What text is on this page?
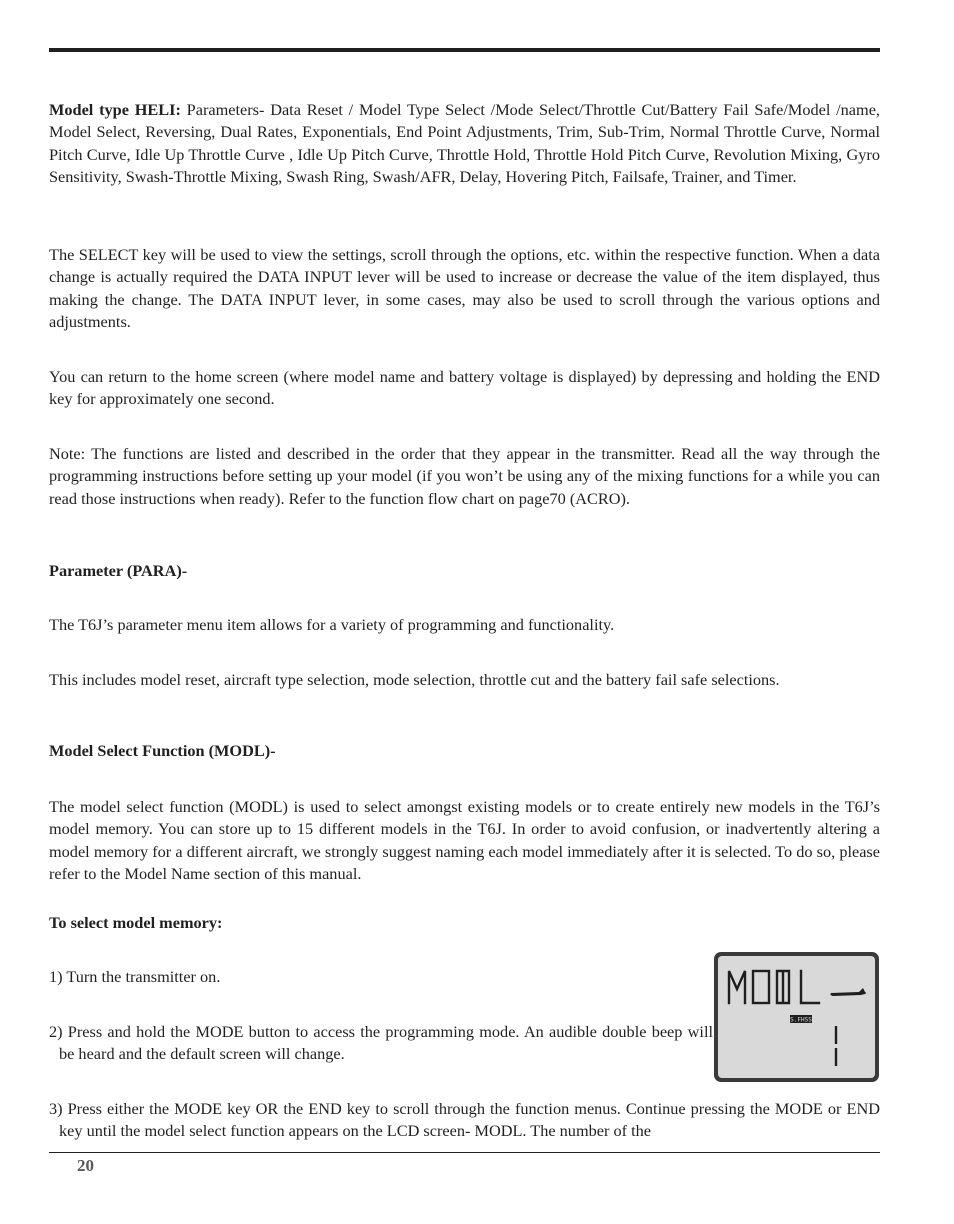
Model type HELI: Parameters- Data Reset / Model Type Select /Mode Select/Throttle Cut/Battery Fail Safe/Model /name, Model Select, Reversing, Dual Rates, Exponentials, End Point Adjustments, Trim, Sub-Trim, Normal Throttle Curve, Normal Pitch Curve, Idle Up Throttle Curve , Idle Up Pitch Curve, Throttle Hold, Throttle Hold Pitch Curve, Revolution Mixing, Gyro Sensitivity, Swash-Throttle Mixing, Swash Ring, Swash/AFR, Delay, Hovering Pitch, Failsafe, Trainer, and Timer.

The SELECT key will be used to view the settings, scroll through the options, etc. within the respective function. When a data change is actually required the DATA INPUT lever will be used to increase or decrease the value of the item displayed, thus making the change. The DATA INPUT lever, in some cases, may also be used to scroll through the various options and adjustments.

You can return to the home screen (where model name and battery voltage is displayed) by depressing and holding the END key for approximately one second.

Note: The functions are listed and described in the order that they appear in the transmitter. Read all the way through the programming instructions before setting up your model (if you won’t be using any of the mixing functions for a while you can read those instructions when ready). Refer to the function flow chart on page70 (ACRO).

Parameter (PARA)-

The T6J’s parameter menu item allows for a variety of programming and functionality.

This includes model reset, aircraft type selection, mode selection, throttle cut and the battery fail safe selections.

Model Select Function (MODL)-

The model select function (MODL) is used to select amongst existing models or to create entirely new models in the T6J’s model memory. You can store up to 15 different models in the T6J. In order to avoid confusion, or inadvertently altering a model memory for a different aircraft, we strongly suggest naming each model immediately after it is selected. To do so, please refer to the Model Name section of this manual.

To select model memory:

1) Turn the transmitter on.

2) Press and hold the MODE button to access the programming mode. An audible double beep will be heard and the default screen will change.

3) Press either the MODE key OR the END key to scroll through the function menus. Continue pressing the MODE or END key until the model select function appears on the LCD screen- MODL. The number of the

S.FHSS
20
